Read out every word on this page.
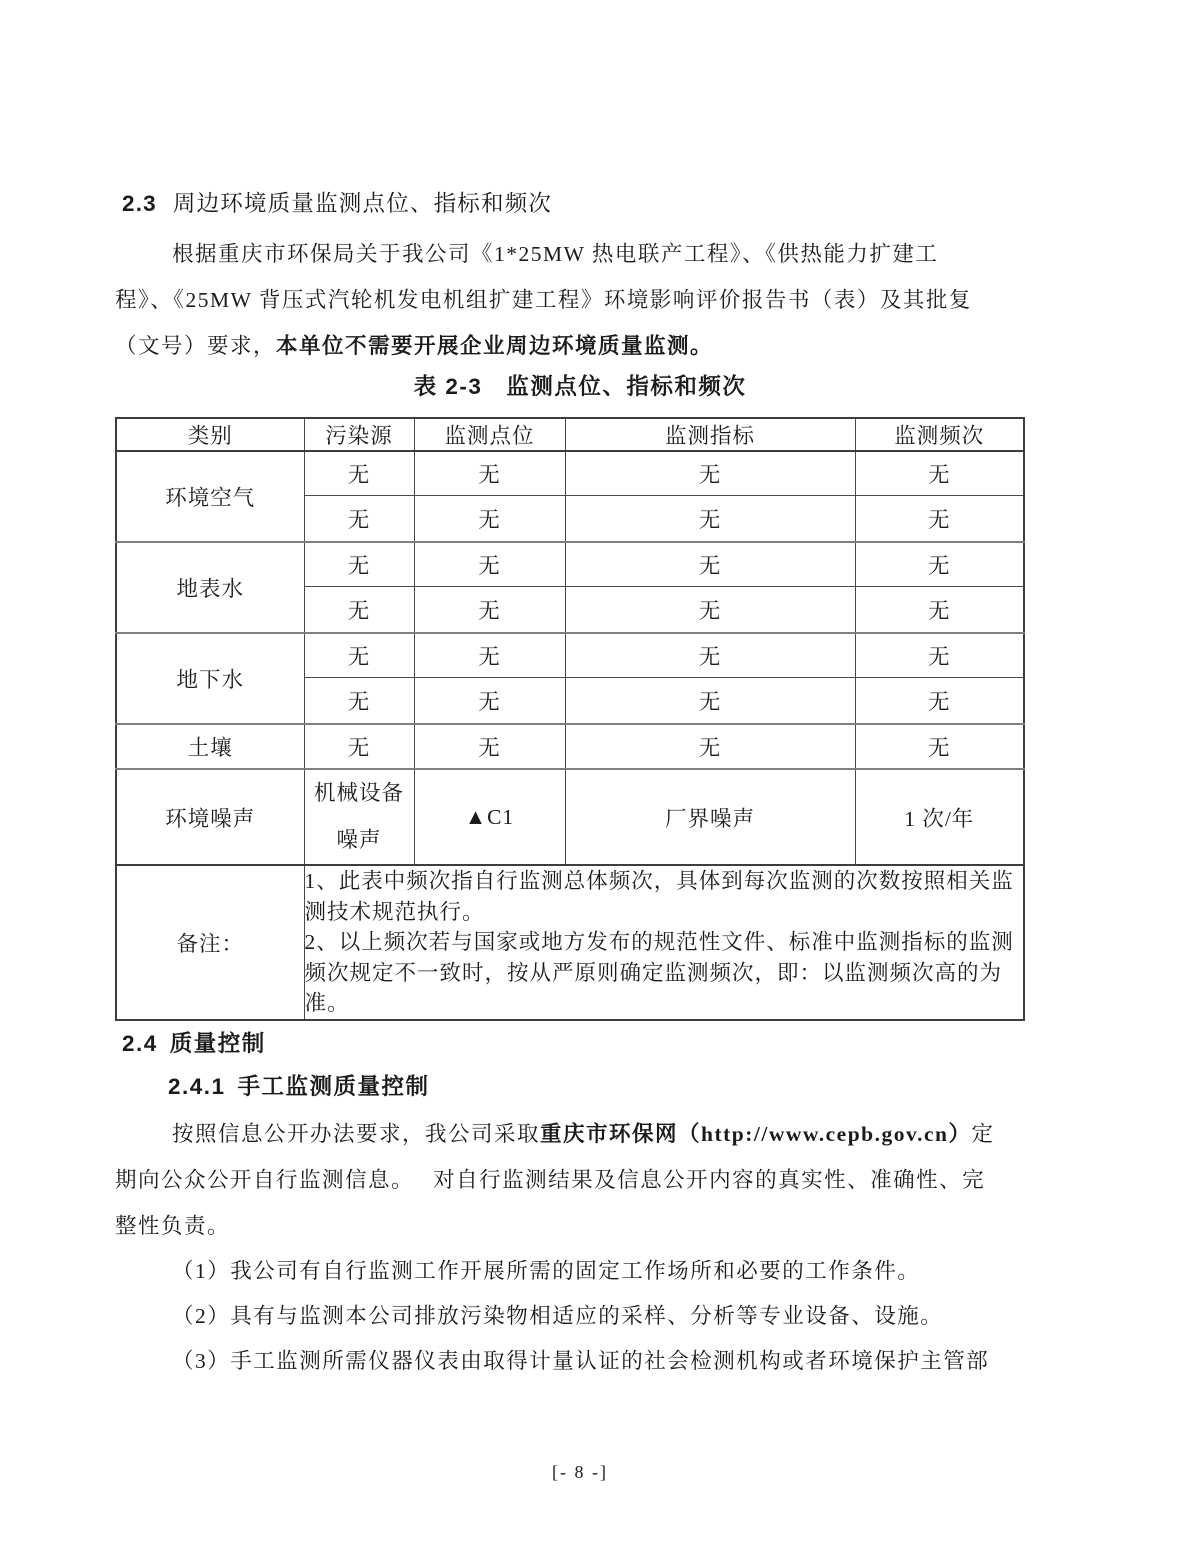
2.3 周边环境质量监测点位、指标和频次
根据重庆市环保局关于我公司《1*25MW 热电联产工程》、《供热能力扩建工
程》、《25MW 背压式汽轮机发电机组扩建工程》环境影响评价报告书（表）及其批复
（文号）要求，本单位不需要开展企业周边环境质量监测。
表 2-3　监测点位、指标和频次
类别	污染源	监测点位	监测指标	监测频次
环境空气	无	无	无	无
	无	无	无	无
地表水	无	无	无	无
	无	无	无	无
地下水	无	无	无	无
	无	无	无	无
土壤	无	无	无	无
环境噪声	机械设备噪声	▲C1	厂界噪声	1 次/年
备注：	1、此表中频次指自行监测总体频次，具体到每次监测的次数按照相关监测技术规范执行。
2、以上频次若与国家或地方发布的规范性文件、标准中监测指标的监测频次规定不一致时，按从严原则确定监测频次，即：以监测频次高的为准。			
2.4 质量控制
2.4.1 手工监测质量控制
按照信息公开办法要求，我公司采取重庆市环保网（http://www.cepb.gov.cn）定
期向公众公开自行监测信息。　 对自行监测结果及信息公开内容的真实性、准确性、完
整性负责。
（1）我公司有自行监测工作开展所需的固定工作场所和必要的工作条件。
（2）具有与监测本公司排放污染物相适应的采样、分析等专业设备、设施。
（3）手工监测所需仪器仪表由取得计量认证的社会检测机构或者环境保护主管部
[- 8 -]
